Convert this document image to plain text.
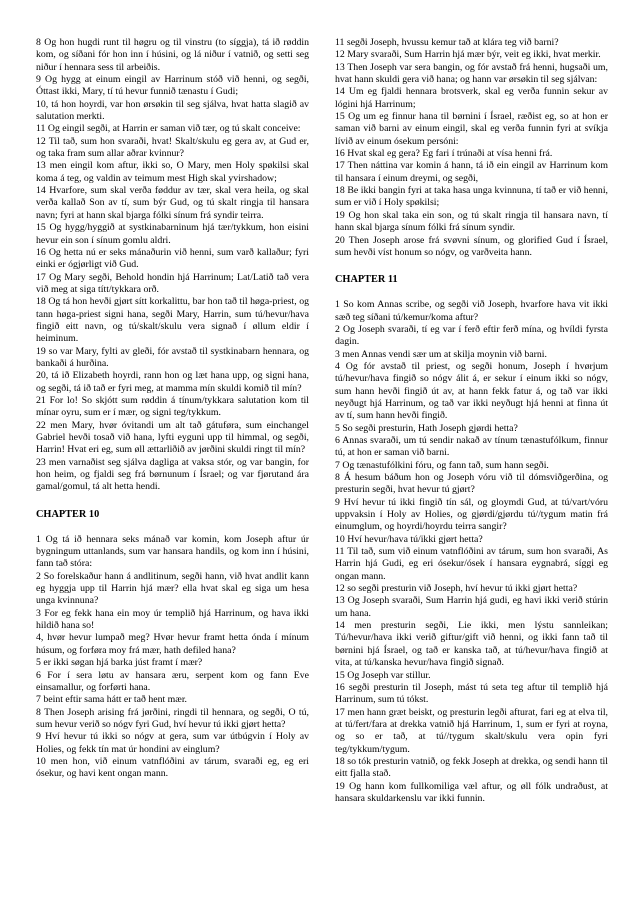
8 Og hon hugdi runt til høgru og til vinstru (to síggja), tá ið røddin kom, og síðani fór hon inn í húsini, og lá niður í vatnið, og setti seg niður í hennara sess til arbeiðis.

9 Og hygg at einum eingil av Harrinum stóð við henni, og segði, Óttast ikki, Mary, tí tú hevur funnið tænastu í Gudi;

10, tá hon hoyrdi, var hon ørsøkin til seg sjálva, hvat hatta slagið av salutation merkti.

11 Og eingil segði, at Harrin er saman við tær, og tú skalt conceive:

12 Til tað, sum hon svaraði, hvat! Skalt/skulu eg gera av, at Gud er, og taka fram sum allar aðrar kvinnur?

13 men eingil kom aftur, ikki so, O Mary, men Holy spøkilsi skal koma á teg, og valdin av teimum mest High skal yvirshadow;

14 Hvarfore, sum skal verða føddur av tær, skal vera heila, og skal verða kallað Son av tí, sum býr Gud, og tú skalt ringja til hansara navn; fyri at hann skal bjarga fólki sínum frá syndir teirra.

15 Og hygg/hyggið at systkinabarninum hjá tær/tykkum, hon eisini hevur ein son í sínum gomlu aldri.

16 Og hetta nú er seks mánaðurin við henni, sum varð kallaður; fyri einki er ógjørligt við Gud.

17 Og Mary segði, Behold hondin hjá Harrinum; Lat/Latið tað vera við meg at siga títt/tykkara orð.

18 Og tá hon hevði gjørt sítt korkalittu, bar hon tað til høga-priest, og tann høga-priest signi hana, segði Mary, Harrin, sum tú/hevur/hava fingið eitt navn, og tú/skalt/skulu vera signað í øllum eldir í heiminum.

19 so var Mary, fylti av gleði, fór avstað til systkinabarn hennara, og bankaði á hurðina.

20, tá ið Elizabeth hoyrdi, rann hon og læt hana upp, og signi hana, og segði, tá ið tað er fyri meg, at mamma mín skuldi komið til mín?

21 For lo! So skjótt sum røddin á tínum/tykkara salutation kom til mínar oyru, sum er í mær, og signi teg/tykkum.

22 men Mary, hvør óvitandi um alt tað gátuføra, sum einchangel Gabriel hevði tosað við hana, lyfti eyguni upp til himmal, og segði, Harrin! Hvat eri eg, sum øll ættarliðið av jørðini skuldi ringt til mín?

23 men varnaðist seg sjálva dagliga at vaksa stór, og var bangin, for hon heim, og fjaldi seg frá børnunum í Ísrael; og var fjørutand ára gamal/gomul, tá alt hetta hendi.

CHAPTER 10

1 Og tá ið hennara seks mánað var komin, kom Joseph aftur úr bygningum uttanlands, sum var hansara handils, og kom inn í húsini, fann tað stóra:

2 So forelskaður hann á andlitinum, segði hann, við hvat andlit kann eg hyggja upp til Harrin hjá mær? ella hvat skal eg siga um hesa unga kvinnuna?

3 For eg fekk hana ein moy úr templið hjá Harrinum, og hava ikki hildið hana so!

4, hvør hevur lumpað meg? Hvør hevur framt hetta ónda í mínum húsum, og forføra moy frá mær, hath defiled hana?

5 er ikki søgan hjá barka júst framt í mær?

6 For í sera løtu av hansara æru, serpent kom og fann Eve einsamallur, og forførti hana.

7 beint eftir sama hátt er tað hent mær.

8 Then Joseph arising frá jørðini, ringdi til hennara, og segði, O tú, sum hevur verið so nógv fyri Gud, hví hevur tú ikki gjørt hetta?

9 Hví hevur tú ikki so nógv at gera, sum var útbúgvin í Holy av Holies, og fekk tín mat úr hondini av einglum?

10 men hon, við einum vatnflóðini av tárum, svaraði eg, eg eri ósekur, og havi kent ongan mann.

11 segði Joseph, hvussu kemur tað at klára teg við barni?

12 Mary svaraði, Sum Harrin hjá mær býr, veit eg ikki, hvat merkir.

13 Then Joseph var sera bangin, og fór avstað frá henni, hugsaði um, hvat hann skuldi gera við hana; og hann var ørsøkin til seg sjálvan:

14 Um eg fjaldi hennara brotsverk, skal eg verða funnin sekur av lógini hjá Harrinum;

15 Og um eg finnur hana til børnini í Ísrael, ræðist eg, so at hon er saman við barni av einum eingil, skal eg verða funnin fyri at svíkja lívið av einum ósekum persóni:

16 Hvat skal eg gera? Eg fari í trúnaði at vísa henni frá.

17 Then náttina var komin á hann, tá ið ein eingil av Harrinum kom til hansara í einum dreymi, og segði,

18 Be ikki bangin fyri at taka hasa unga kvinnuna, tí tað er við henni, sum er við í Holy spøkilsi;

19 Og hon skal taka ein son, og tú skalt ringja til hansara navn, tí hann skal bjarga sínum fólki frá sínum syndir.

20 Then Joseph arose frá svøvni sínum, og glorified Gud í Ísrael, sum hevði víst honum so nógv, og varðveita hann.

CHAPTER 11

1 So kom Annas scribe, og segði við Joseph, hvarfore hava vit ikki sæð teg síðani tú/kemur/koma aftur?

2 Og Joseph svaraði, tí eg var í ferð eftir ferð mína, og hvíldi fyrsta dagin.

3 men Annas vendi sær um at skilja moynin við barni.

4 Og fór avstað til priest, og segði honum, Joseph í hvørjum tú/hevur/hava fingið so nógv álit á, er sekur í einum ikki so nógv, sum hann hevði fingið út av, at hann fekk fatur á, og tað var ikki neyðugt hjá Harrinum, og tað var ikki neyðugt hjá henni at finna út av tí, sum hann hevði fingið.

5 So segði presturin, Hath Joseph gjørdi hetta?

6 Annas svaraði, um tú sendir nakað av tínum tænastufólkum, finnur tú, at hon er saman við barni.

7 Og tænastufólkini fóru, og fann tað, sum hann segði.

8 Á hesum báðum hon og Joseph vóru við til dómsviðgerðina, og presturin segði, hvat hevur tú gjørt?

9 Hví hevur tú ikki fingið tín sál, og gloymdi Gud, at tú/vart/vóru uppvaksin í Holy av Holies, og gjørdi/gjørdu tú//tygum matin frá einumglum, og hoyrdi/hoyrdu teirra sangir?

10 Hví hevur/hava tú/ikki gjørt hetta?

11 Til tað, sum við einum vatnflóðini av tárum, sum hon svaraði, As Harrin hjá Gudi, eg eri ósekur/ósek í hansara eygnabrá, síggi eg ongan mann.

12 so segði presturin við Joseph, hví hevur tú ikki gjørt hetta?

13 Og Joseph svaraði, Sum Harrin hjá gudi, eg havi ikki verið stúrin um hana.

14 men presturin segði, Lie ikki, men lýstu sannleikan; Tú/hevur/hava ikki verið giftur/gift við henni, og ikki fann tað til børnini hjá Ísrael, og tað er kanska tað, at tú/hevur/hava fingið at vita, at tú/kanska hevur/hava fingið signað.

15 Og Joseph var stillur.

16 segði presturin til Joseph, mást tú seta teg aftur til templið hjá Harrinum, sum tú tókst.

17 men hann græt beiskt, og presturin legði afturat, fari eg at elva til, at tú/fert/fara at drekka vatnið hjá Harrinum, 1, sum er fyri at royna, og so er tað, at tú//tygum skalt/skulu vera opin fyri teg/tykkum/tygum.

18 so tók presturin vatnið, og fekk Joseph at drekka, og sendi hann til eitt fjalla stað.

19 Og hann kom fullkomiliga væl aftur, og øll fólk undraðust, at hansara skuldarkenslu var ikki funnin.
